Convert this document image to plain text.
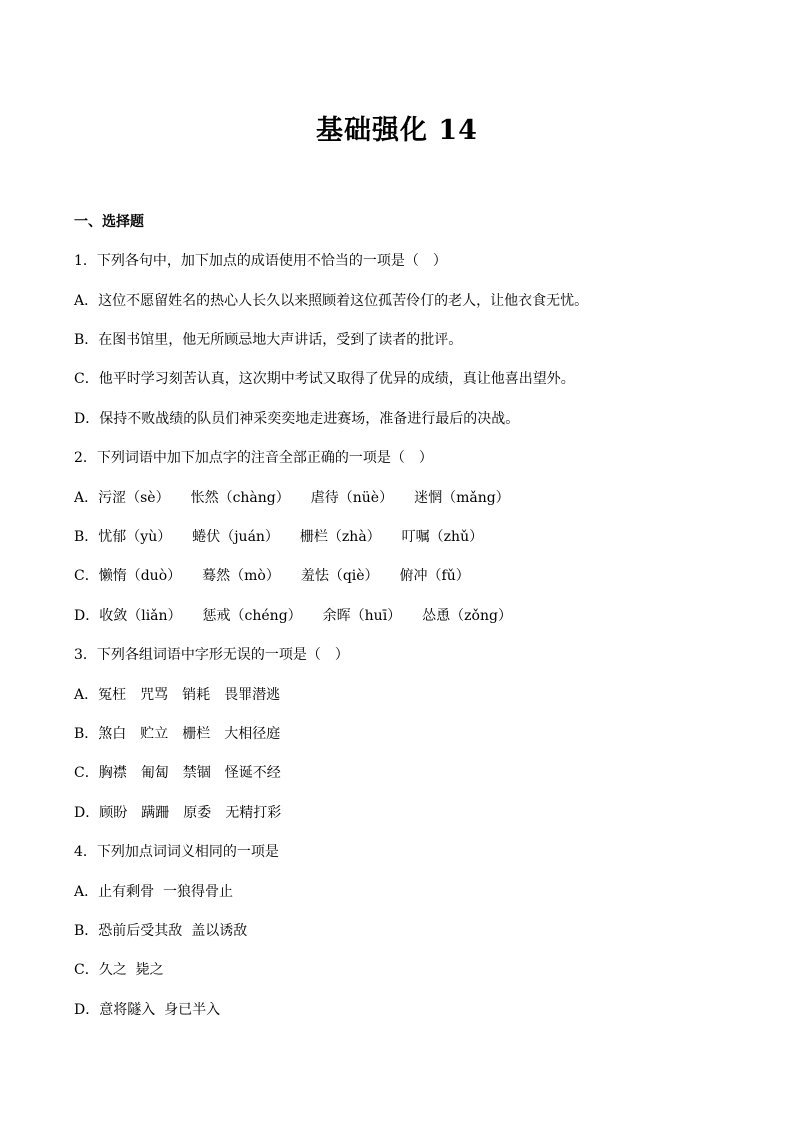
基础强化 14
一、选择题
1．下列各句中，加下加点的成语使用不恰当的一项是（　）
A．这位不愿留姓名的热心人长久以来照顾着这位孤苦伶仃的老人，让他衣食无忧。
B．在图书馆里，他无所顾忌地大声讲话，受到了读者的批评。
C．他平时学习刻苦认真，这次期中考试又取得了优异的成绩，真让他喜出望外。
D．保持不败战绩的队员们神采奕奕地走进赛场，准备进行最后的决战。
2．下列词语中加下加点字的注音全部正确的一项是（　）
A．污涩（sè）　　怅然（chàng）　　虐待（nüè）　　迷惘（mǎng）
B．忧郁（yù）　　蜷伏（juán）　　栅栏（zhà）　　叮嘱（zhǔ）
C．懒惰（duò）　　蓦然（mò）　　羞怯（qiè）　　俯冲（fǔ）
D．收敛（liǎn）　　惩戒（chéng）　　余晖（huī）　　怂恿（zǒng）
3．下列各组词语中字形无误的一项是（　）
A．冤枉　咒骂　销耗　畏罪潜逃
B．煞白　贮立　栅栏　大相径庭
C．胸襟　匍匐　禁锢　怪诞不经
D．顾盼　蹒跚　原委　无精打彩
4．下列加点词词义相同的一项是
A．止有剩骨  一狼得骨止
B．恐前后受其敌  盖以诱敌
C．久之  毙之
D．意将隧入  身已半入
